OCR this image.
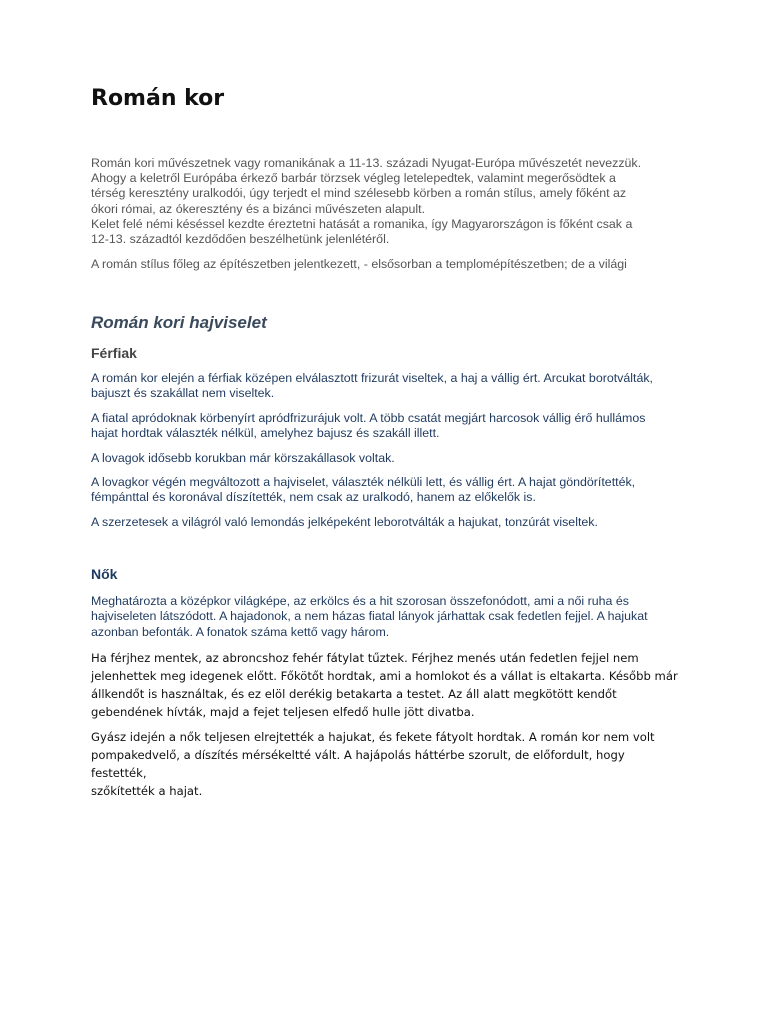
Román kor

Román kori művészetnek vagy romanikának a 11-13. századi Nyugat-Európa művészetét nevezzük.
Ahogy a keletről Európába érkező barbár törzsek végleg letelepedtek, valamint megerősödtek a
térség keresztény uralkodói, úgy terjedt el mind szélesebb körben a román stílus, amely főként az
ókori római, az ókeresztény és a bizánci művészeten alapult.
Kelet felé némi késéssel kezdte éreztetni hatását a romanika, így Magyarországon is főként csak a
12-13. századtól kezdődően beszélhetünk jelenlétéről.

A román stílus főleg az építészetben jelentkezett, - elsősorban a templomépítészetben; de a világi

Román kori hajviselet
Férfiak

A román kor elején a férfiak középen elválasztott frizurát viseltek, a haj a vállig ért. Arcukat borotválták,
bajuszt és szakállat nem viseltek.

A fiatal apródoknak körbenyírt apródfrizurájuk volt. A több csatát megjárt harcosok vállig érő hullámos
hajat hordtak választék nélkül, amelyhez bajusz és szakáll illett.

A lovagok idősebb korukban már körszakállasok voltak.

A lovagkor végén megváltozott a hajviselet, választék nélküli lett, és vállig ért. A hajat göndörítették,
fémpánttal és koronával díszítették, nem csak az uralkodó, hanem az előkelők is.

A szerzetesek a világról való lemondás jelképeként leborotválták a hajukat, tonzúrát viseltek.

Nők

Meghatározta a középkor világképe, az erkölcs és a hit szorosan összefonódott, ami a női ruha és
hajviseleten látszódott. A hajadonok, a nem házas fiatal lányok járhattak csak fedetlen fejjel. A hajukat
azonban befonták. A fonatok száma kettő vagy három.

Ha férjhez mentek, az abroncshoz fehér fátylat tűztek. Férjhez menés után fedetlen fejjel nem
jelenhettek meg idegenek előtt. Főkötőt hordtak, ami a homlokot és a vállat is eltakarta. Később már
állkendőt is használtak, és ez elöl derékig betakarta a testet. Az áll alatt megkötött kendőt
gebendének hívták, majd a fejet teljesen elfedő hulle jött divatba.

Gyász idején a nők teljesen elrejtették a hajukat, és fekete fátyolt hordtak. A román kor nem volt
pompakedvelő, a díszítés mérsékeltté vált. A hajápolás háttérbe szorult, de előfordult, hogy festették,
szőkítették a hajat.
